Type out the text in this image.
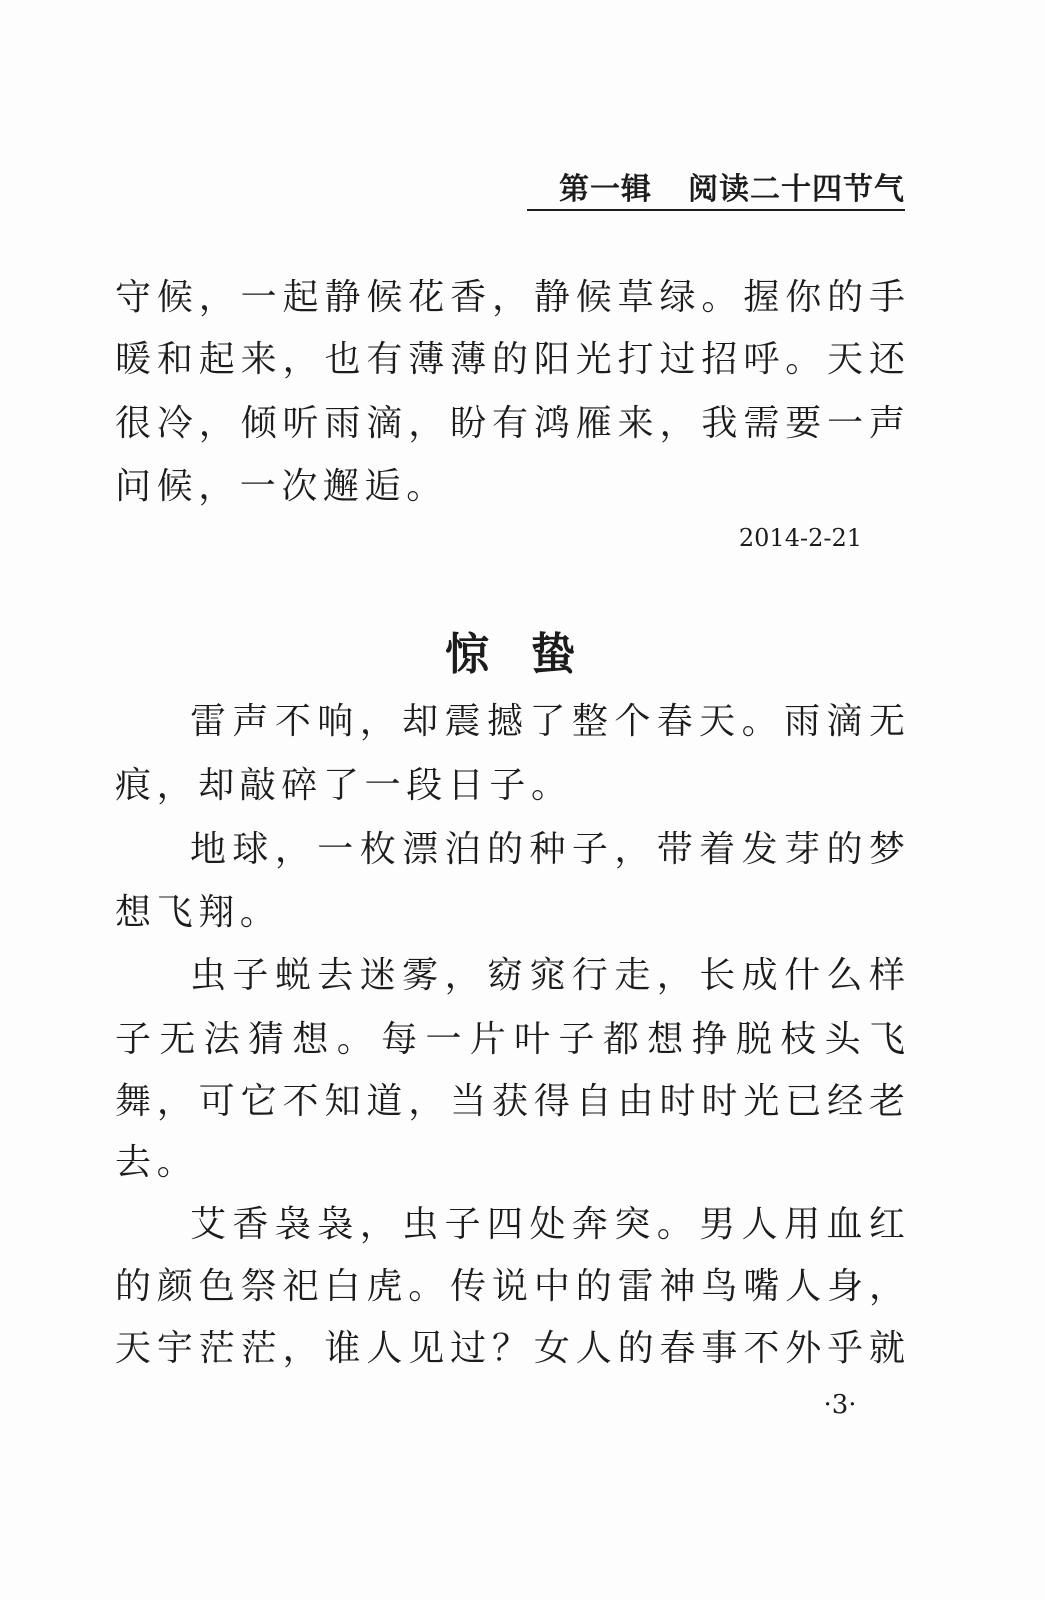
第一辑 阅读二十四节气
守候，一起静候花香，静候草绿。握你的手
暖和起来，也有薄薄的阳光打过招呼。天还
很冷，倾听雨滴，盼有鸿雁来，我需要一声
问候，一次邂逅。
2014-2-21
惊蛰
雷声不响，却震撼了整个春天。雨滴无
痕，却敲碎了一段日子。
地球，一枚漂泊的种子，带着发芽的梦
想飞翔。
虫子蜕去迷雾，窈窕行走，长成什么样
子无法猜想。每一片叶子都想挣脱枝头飞
舞，可它不知道，当获得自由时时光已经老
去。
艾香袅袅，虫子四处奔突。男人用血红
的颜色祭祀白虎。传说中的雷神鸟嘴人身，
天宇茫茫，谁人见过？女人的春事不外乎就
·3·
